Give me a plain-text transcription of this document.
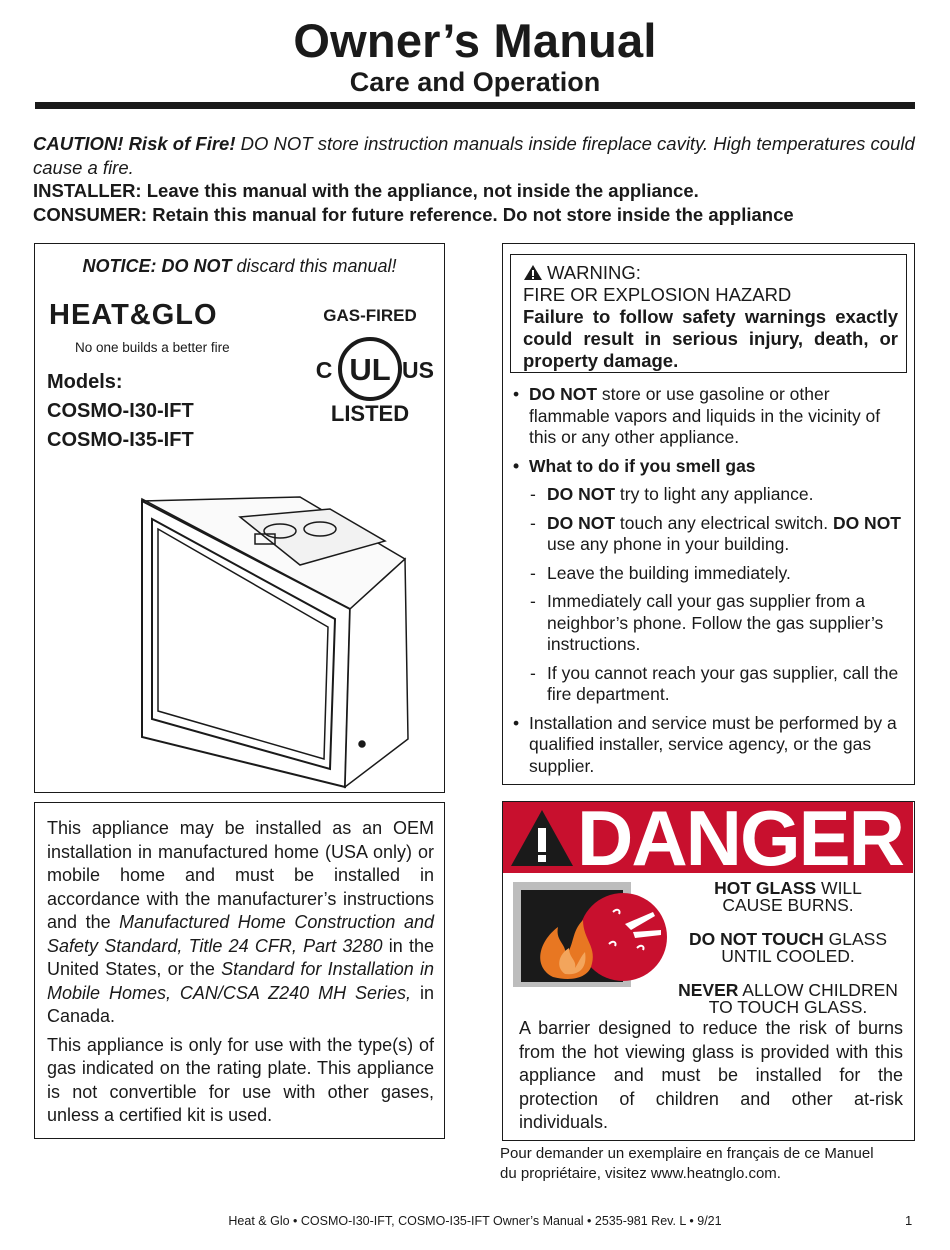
Owner’s Manual
Care and Operation

CAUTION! Risk of Fire! DO NOT store instruction manuals inside fireplace cavity. High temperatures could cause a fire.

INSTALLER: Leave this manual with the appliance, not inside the appliance.

CONSUMER: Retain this manual for future reference. Do not store inside the appliance

NOTICE: DO NOT discard this manual!
HEAT&GLO
No one builds a better fire
Models:
COSMO-I30-IFT
COSMO-I35-IFT
GAS-FIRED
UL
C	US
LISTED
WARNING:
FIRE OR EXPLOSION HAZARD
Failure to follow safety warnings exactly could result in serious injury, death, or property damage.
• DO NOT store or use gasoline or other flammable vapors and liquids in the vicinity of this or any other appliance.
• What to do if you smell gas
- DO NOT try to light any appliance.
- DO NOT touch any electrical switch. DO NOT use any phone in your building.
- Leave the building immediately.
- Immediately call your gas supplier from a neighbor’s phone. Follow the gas supplier’s instructions.
- If you cannot reach your gas supplier, call the fire department.
• Installation and service must be performed by a qualified installer, service agency, or the gas supplier.

This appliance may be installed as an OEM installation in manufactured home (USA only) or mobile home and must be installed in accordance with the manufacturer’s instructions and the Manufactured Home Construction and Safety Standard, Title 24 CFR, Part 3280 in the United States, or the Standard for Installation in Mobile Homes, CAN/CSA Z240 MH Series, in Canada.

This appliance is only for use with the type(s) of gas indicated on the rating plate. This appliance is not convertible for use with other gases, unless a certified kit is used.

DANGER
HOT GLASS WILL
CAUSE BURNS.
DO NOT TOUCH GLASS
UNTIL COOLED.
NEVER ALLOW CHILDREN
TO TOUCH GLASS.
A barrier designed to reduce the risk of burns from the hot viewing glass is provided with this appliance and must be installed for the protection of children and other at-risk individuals.
Pour demander un exemplaire en français de ce Manuel
du propriétaire, visitez www.heatnglo.com.
Heat & Glo • COSMO-I30-IFT, COSMO-I35-IFT Owner’s Manual • 2535-981 Rev. L • 9/21	1
